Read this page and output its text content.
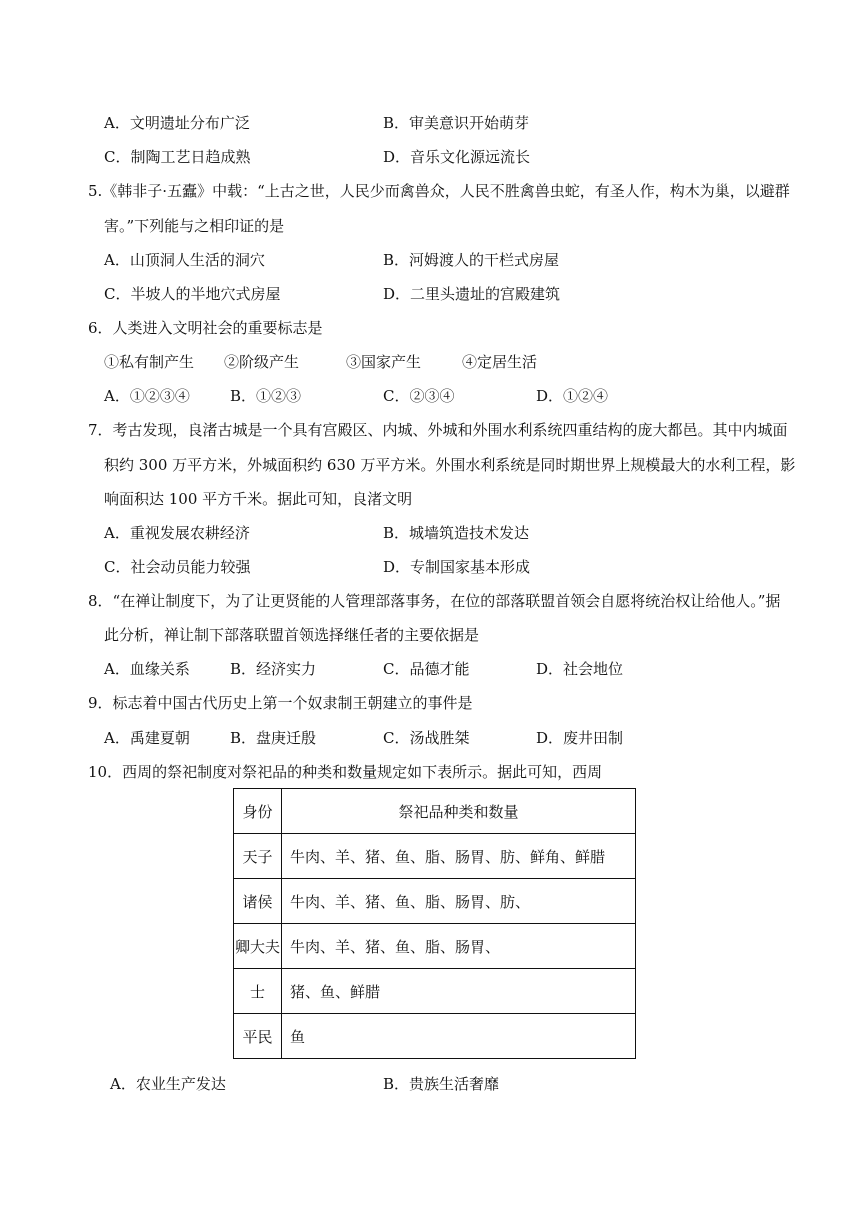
A．文明遗址分布广泛	B．审美意识开始萌芽
C．制陶工艺日趋成熟	D．音乐文化源远流长
5.《韩非子·五蠹》中载：“上古之世，人民少而禽兽众，人民不胜禽兽虫蛇，有圣人作，构木为巢，以避群
害。”下列能与之相印证的是
A．山顶洞人生活的洞穴	B．河姆渡人的干栏式房屋
C．半坡人的半地穴式房屋	D．二里头遗址的宫殿建筑
6．人类进入文明社会的重要标志是
①私有制产生 ②阶级产生	③国家产生	④定居生活
A．①②③④	B．①②③	C．②③④	D．①②④
7．考古发现，良渚古城是一个具有宫殿区、内城、外城和外围水利系统四重结构的庞大都邑。其中内城面
积约 300 万平方米，外城面积约 630 万平方米。外围水利系统是同时期世界上规模最大的水利工程，影
响面积达 100 平方千米。据此可知，良渚文明
A．重视发展农耕经济	B．城墙筑造技术发达
C．社会动员能力较强	D．专制国家基本形成
8．“在禅让制度下，为了让更贤能的人管理部落事务，在位的部落联盟首领会自愿将统治权让给他人。”据
此分析，禅让制下部落联盟首领选择继任者的主要依据是
A．血缘关系	B．经济实力	C．品德才能	D．社会地位
9．标志着中国古代历史上第一个奴隶制王朝建立的事件是
A．禹建夏朝	B．盘庚迁殷	C．汤战胜桀	D．废井田制
10．西周的祭祀制度对祭祀品的种类和数量规定如下表所示。据此可知，西周
身份	祭祀品种类和数量
天子	牛肉、羊、猪、鱼、脂、肠胃、肪、鲜角、鲜腊
诸侯	牛肉、羊、猪、鱼、脂、肠胃、肪、
卿大夫	牛肉、羊、猪、鱼、脂、肠胃、
士	猪、鱼、鲜腊
平民	鱼
A．农业生产发达	B．贵族生活奢靡
